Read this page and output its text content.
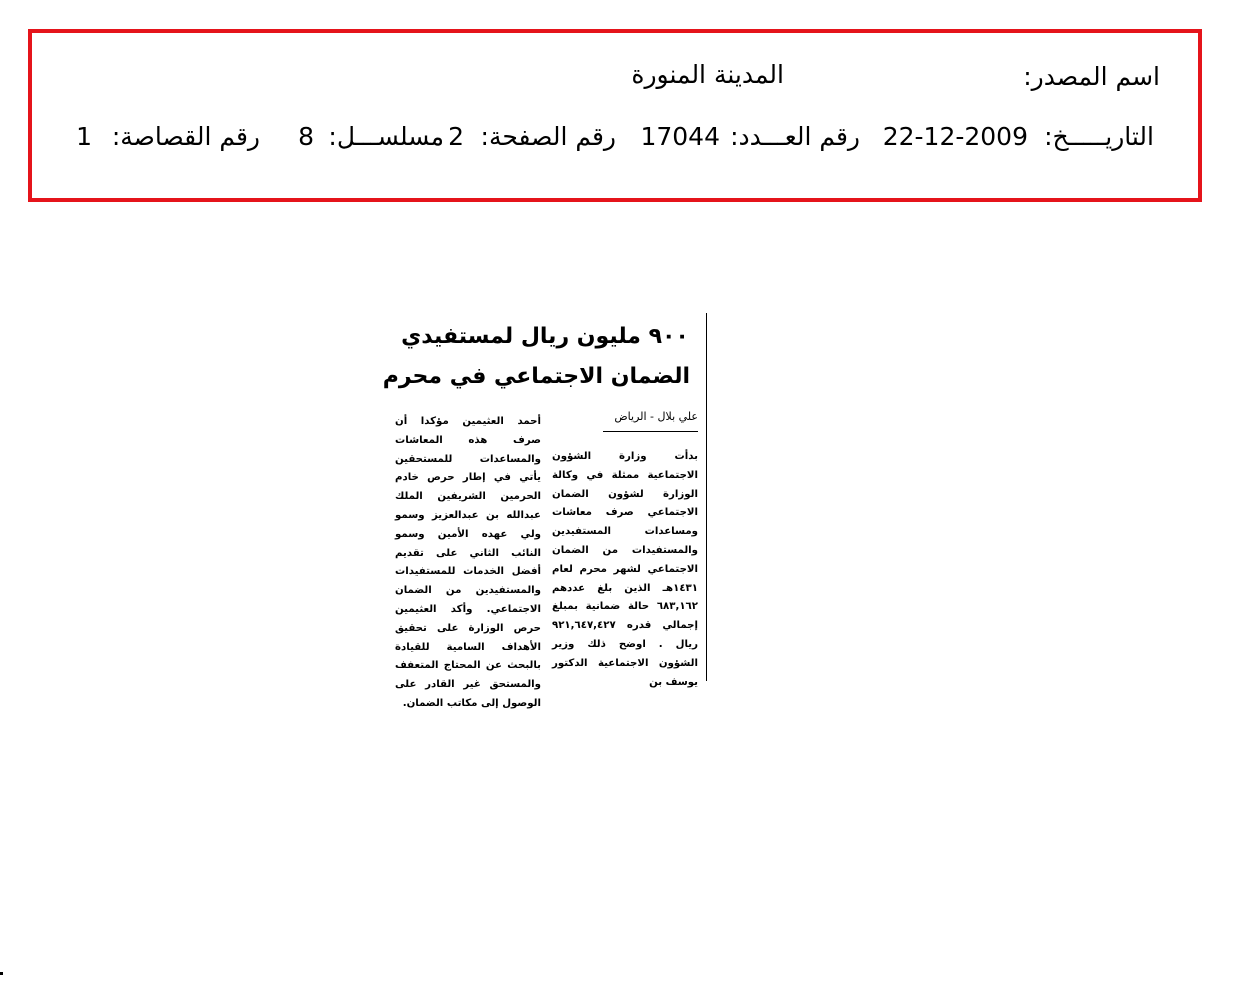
اسم المصدر:
المدينة المنورة
التاريـــــخ:
22-12-2009
رقم العـــدد:
17044
رقم الصفحة:
2
مسلســـل:
8
رقم القصاصة:
1
٩٠٠ مليون ريال لمستفيدي
الضمان الاجتماعي في محرم
علي بلال - الرياض
بدأت وزارة الشؤون الاجتماعية ممثلة في وكالة الوزارة لشؤون الضمان الاجتماعي صرف معاشات ومساعدات المستفيدين والمستفيدات من الضمان الاجتماعي لشهر محرم لعام ١٤٣١هـ الذين بلغ عددهم ٦٨٣,١٦٢ حالة ضمانية بمبلغ إجمالي قدره ٩٢١,٦٤٧,٤٢٧ ريال . اوضح ذلك وزير الشؤون الاجتماعية الدكتور يوسف بن
أحمد العثيمين مؤكدا أن صرف هذه المعاشات والمساعدات للمستحقين يأتي في إطار حرص خادم الحرمين الشريفين الملك عبدالله بن عبدالعزيز وسمو ولي عهده الأمين وسمو النائب الثاني على تقديم أفضل الخدمات للمستفيدات والمستفيدين من الضمان الاجتماعي. وأكد العثيمين حرص الوزارة على تحقيق الأهداف السامية للقيادة بالبحث عن المحتاج المتعفف والمستحق غير القادر على الوصول إلى مكاتب الضمان.
